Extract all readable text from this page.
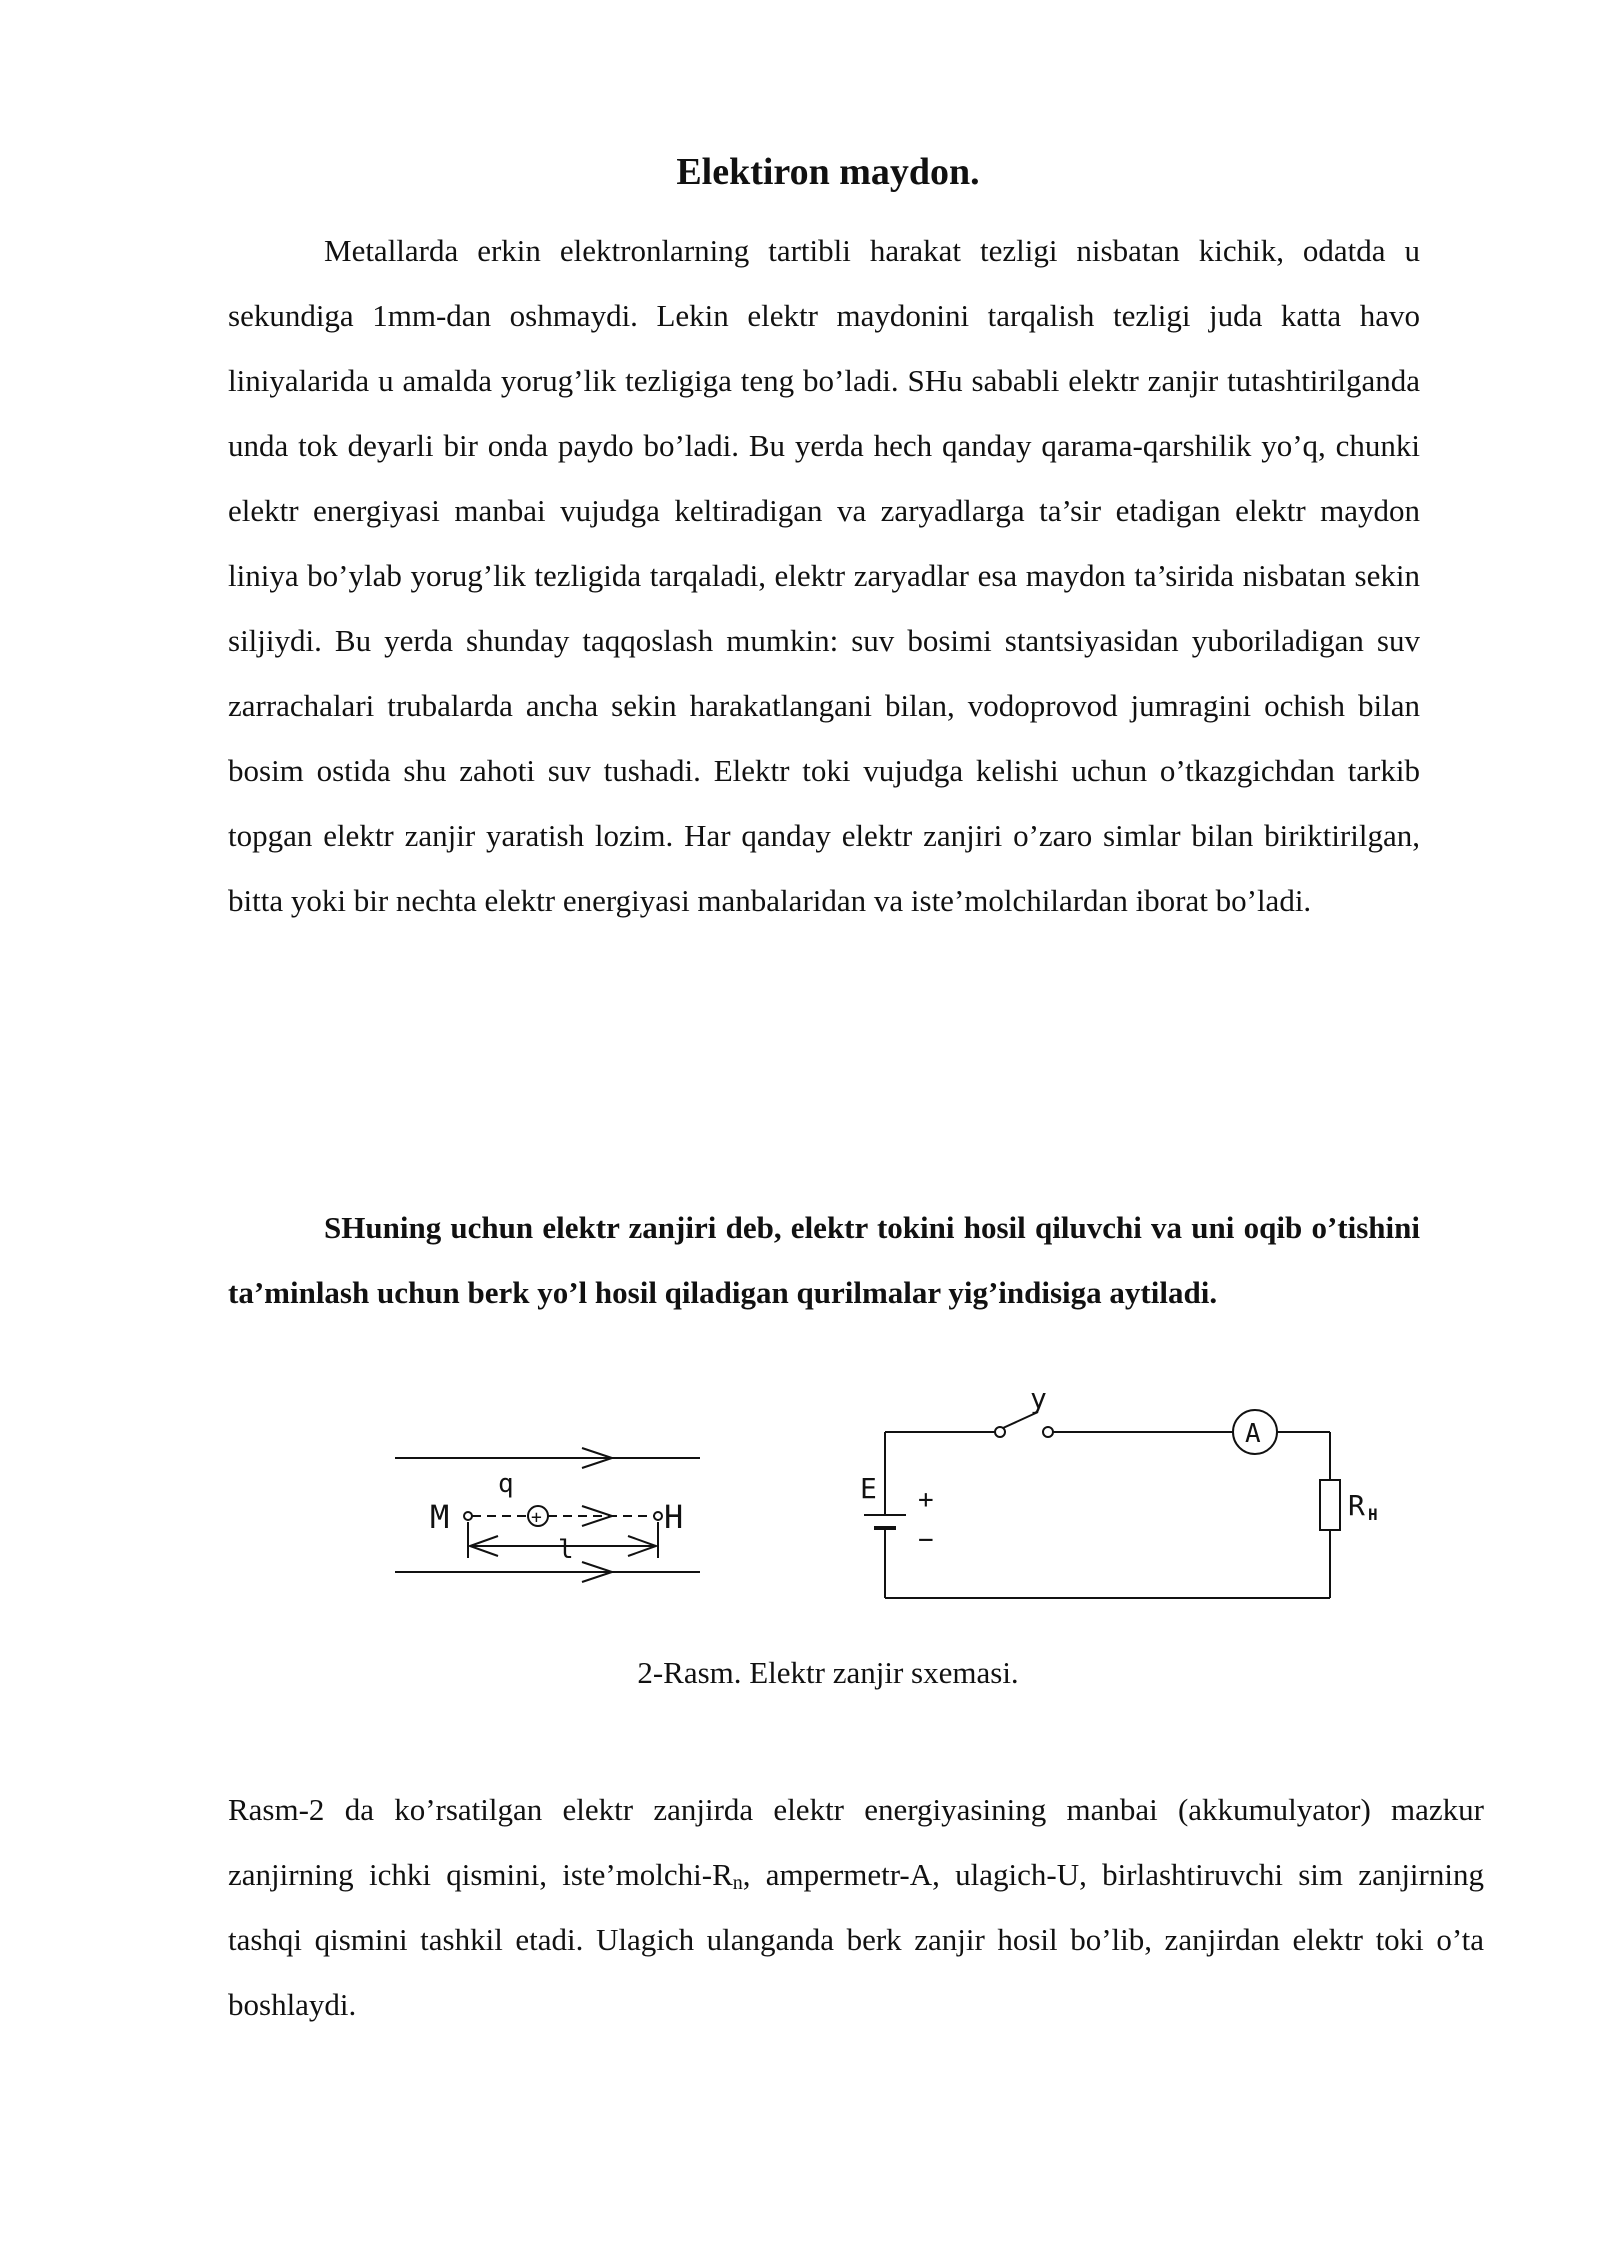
Elektiron maydon.
Metallarda erkin elektronlarning tartibli harakat tezligi nisbatan kichik, odatda u sekundiga 1mm-dan oshmaydi. Lekin elektr maydonini tarqalish tezligi juda katta havo liniyalarida u amalda yorug’lik tezligiga teng bo’ladi. SHu sababli elektr zanjir tutashtirilganda unda tok deyarli bir onda paydo bo’ladi. Bu yerda hech qanday qarama-qarshilik yo’q, chunki elektr energiyasi manbai vujudga keltiradigan va zaryadlarga ta’sir etadigan elektr maydon liniya bo’ylab yorug’lik tezligida tarqaladi, elektr zaryadlar esa maydon ta’sirida nisbatan sekin siljiydi. Bu yerda shunday taqqoslash mumkin: suv bosimi stantsiyasidan yuboriladigan suv zarrachalari trubalarda ancha sekin harakatlangani bilan, vodoprovod jumragini ochish bilan bosim ostida shu zahoti suv tushadi. Elektr toki vujudga kelishi uchun o’tkazgichdan tarkib topgan elektr zanjir yaratish lozim. Har qanday elektr zanjiri o’zaro simlar bilan biriktirilgan, bitta yoki bir nechta elektr energiyasi manbalaridan va iste’molchilardan iborat bo’ladi.
SHuning uchun elektr zanjiri deb, elektr tokini hosil qiluvchi va uni oqib o’tishini ta’minlash uchun berk yo’l hosil qiladigan qurilmalar yig’indisiga aytiladi.
M
q
+
l
H
y
A
E +
−
R H
2-Rasm. Elektr zanjir sxemasi.
Rasm-2 da ko’rsatilgan elektr zanjirda elektr energiyasining manbai (akkumulyator) mazkur zanjirning ichki qismini, $iste’molchi-R_n$, ampermetr-A, ulagich-U, birlashtiruvchi sim zanjirning tashqi qismini tashkil etadi. Ulagich ulanganda berk zanjir hosil bo’lib, zanjirdan elektr toki o’ta boshlaydi.
